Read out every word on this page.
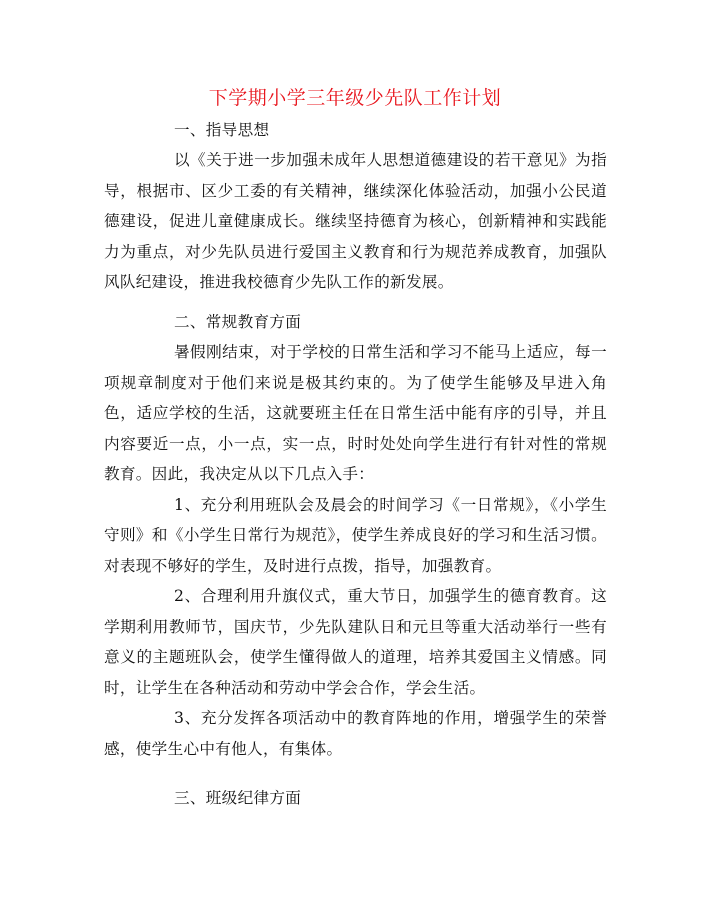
下学期小学三年级少先队工作计划
一、指导思想

以《关于进一步加强未成年人思想道德建设的若干意见》为指导，根据市、区少工委的有关精神，继续深化体验活动，加强小公民道德建设，促进儿童健康成长。继续坚持德育为核心，创新精神和实践能力为重点，对少先队员进行爱国主义教育和行为规范养成教育，加强队风队纪建设，推进我校德育少先队工作的新发展。

二、常规教育方面

暑假刚结束，对于学校的日常生活和学习不能马上适应，每一项规章制度对于他们来说是极其约束的。为了使学生能够及早进入角色，适应学校的生活，这就要班主任在日常生活中能有序的引导，并且内容要近一点，小一点，实一点，时时处处向学生进行有针对性的常规教育。因此，我决定从以下几点入手：

1、充分利用班队会及晨会的时间学习《一日常规》，《小学生守则》和《小学生日常行为规范》，使学生养成良好的学习和生活习惯。对表现不够好的学生，及时进行点拨，指导，加强教育。

2、合理利用升旗仪式，重大节日，加强学生的德育教育。这学期利用教师节，国庆节，少先队建队日和元旦等重大活动举行一些有意义的主题班队会，使学生懂得做人的道理，培养其爱国主义情感。同时，让学生在各种活动和劳动中学会合作，学会生活。

3、充分发挥各项活动中的教育阵地的作用，增强学生的荣誉感，使学生心中有他人，有集体。

三、班级纪律方面
